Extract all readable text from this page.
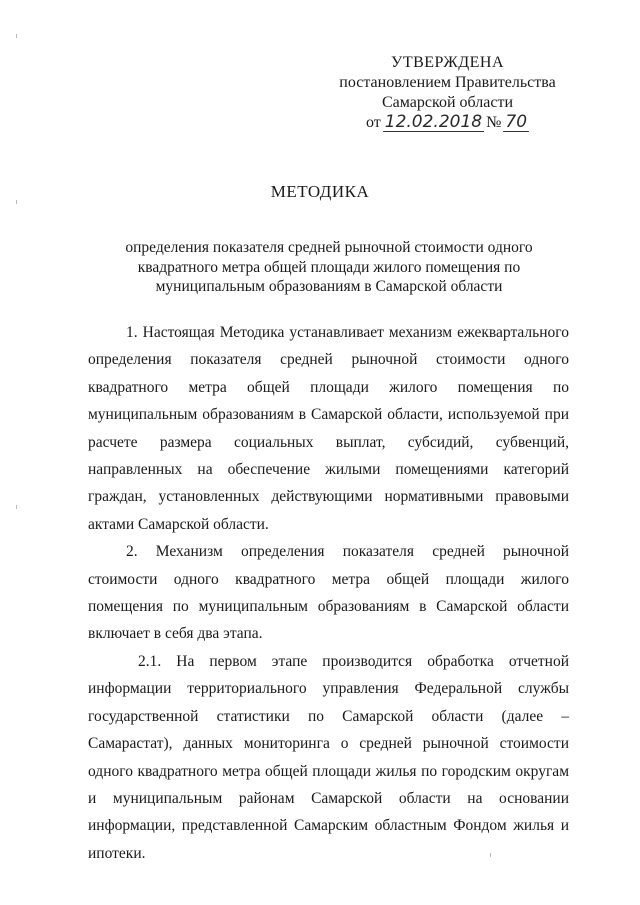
УТВЕРЖДЕНА
постановлением Правительства
Самарской области
от 12.02.2018 № 70
МЕТОДИКА
определения показателя средней рыночной стоимости одного квадратного метра общей площади жилого помещения по муниципальным образованиям в Самарской области

1. Настоящая Методика устанавливает механизм ежеквартального определения показателя средней рыночной стоимости одного квадратного метра общей площади жилого помещения по муниципальным образованиям в Самарской области, используемой при расчете размера социальных выплат, субсидий, субвенций, направленных на обеспечение жилыми помещениями категорий граждан, установленных действующими нормативными правовыми актами Самарской области.

2. Механизм определения показателя средней рыночной стоимости одного квадратного метра общей площади жилого помещения по муниципальным образованиям в Самарской области включает в себя два этапа.

2.1. На первом этапе производится обработка отчетной информации территориального управления Федеральной службы государственной статистики по Самарской области (далее – Самарастат), данных мониторинга о средней рыночной стоимости одного квадратного метра общей площади жилья по городским округам и муниципальным районам Самарской области на основании информации, представленной Самарским областным Фондом жилья и ипотеки.
